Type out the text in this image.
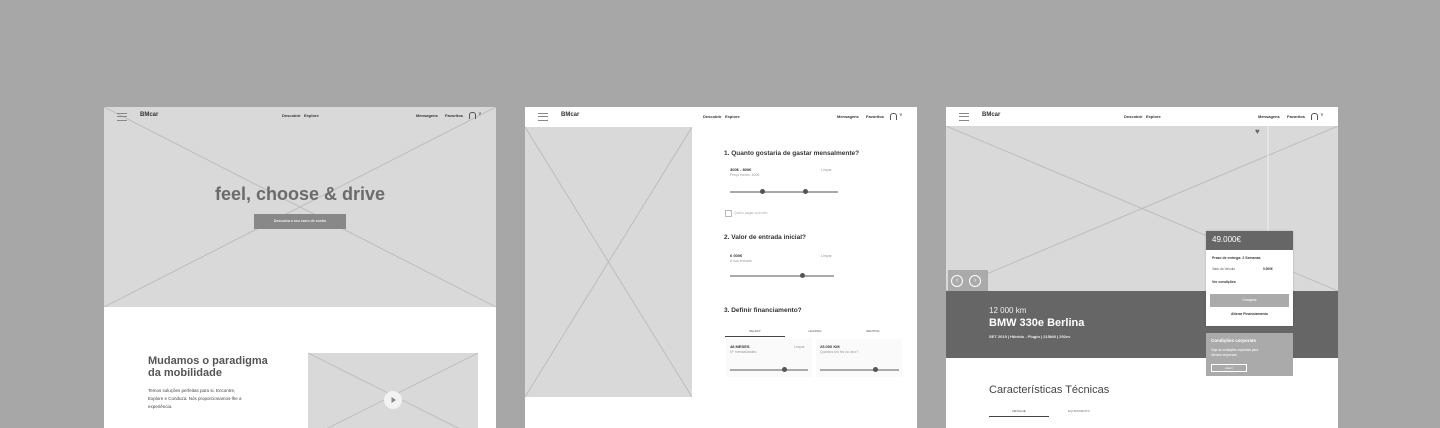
BMcar	Descobrir Explore	Mensagens Favoritos	∨
feel, choose & drive
Descubra o seu carro de sonho
Mudamos o paradigma
da mobilidade
Temos soluções perfeitas para si. Encontre,
Explore e Conduza. Nós proporcionamos-lhe a
experiência.
BMcar	Descobrir Explore	Mensagens Favoritos	∨
1. Quanto gostaria de gastar mensalmente?
300€ - 800€
Preço médio: 400€
Limpar
Quero pagar a pronto
2. Valor de entrada inicial?
6 000€
A sua entrada
Limpar
3. Definir financiamento?
SELECT	LEASING	RENTING
48 MESES
Nº mensalidades
Limpar	25.000 KM
Quantos km fez ao ano?
BMcar	Descobrir Explore	Mensagens Favoritos	∨
♥
‹	›
12 000 km
BMW 330e Berlina
SET 2019 | Híbrido - Plugin | 215kW | 292cv
49.000€
Prazo de entrega: 2 Semanas
Valor do Veículo	0.000€
Ver condições
Comprar
Alterar Financiamento
Condições corporate
Veja as condições especiais para
clientes empresas
Aderir
Características Técnicas
DETALHE	EQUIPAMENTO
